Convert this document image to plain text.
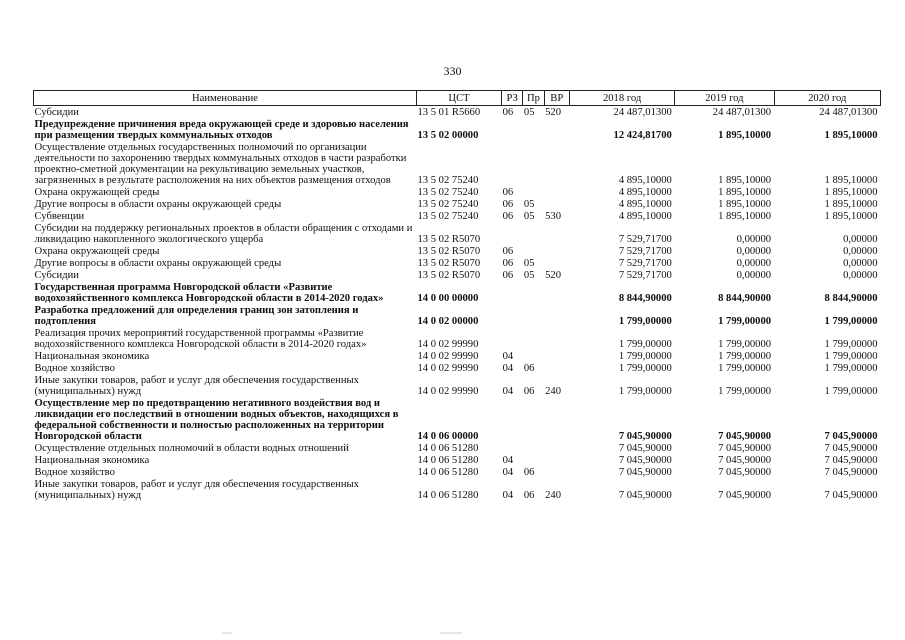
330
Наименование	ЦСТ	РЗ	Пр	ВР	2018 год	2019 год	2020 год
Субсидии	13 5 01 R5660	06	05	520	24 487,01300	24 487,01300	24 487,01300
Предупреждение причинения вреда окружающей среде и здоровью населения при размещении твердых коммунальных отходов	13 5 02 00000				12 424,81700	1 895,10000	1 895,10000
Осуществление отдельных государственных полномочий по организации деятельности по захоронению твердых коммунальных отходов в части разработки проектно-сметной документации на рекультивацию земельных участков, загрязненных в результате расположения на них объектов размещения отходов	13 5 02 75240				4 895,10000	1 895,10000	1 895,10000
Охрана окружающей среды	13 5 02 75240	06			4 895,10000	1 895,10000	1 895,10000
Другие вопросы в области охраны окружающей среды	13 5 02 75240	06	05		4 895,10000	1 895,10000	1 895,10000
Субвенции	13 5 02 75240	06	05	530	4 895,10000	1 895,10000	1 895,10000
Субсидии на поддержку региональных проектов в области обращения с отходами и ликвидацию накопленного экологического ущерба	13 5 02 R5070				7 529,71700	0,00000	0,00000
Охрана окружающей среды	13 5 02 R5070	06			7 529,71700	0,00000	0,00000
Другие вопросы в области охраны окружающей среды	13 5 02 R5070	06	05		7 529,71700	0,00000	0,00000
Субсидии	13 5 02 R5070	06	05	520	7 529,71700	0,00000	0,00000
Государственная программа Новгородской области «Развитие водохозяйственного комплекса Новгородской области в 2014-2020 годах»	14 0 00 00000				8 844,90000	8 844,90000	8 844,90000
Разработка предложений для определения границ зон затопления и подтопления	14 0 02 00000				1 799,00000	1 799,00000	1 799,00000
Реализация прочих мероприятий государственной программы «Развитие водохозяйственного комплекса Новгородской области в 2014-2020 годах»	14 0 02 99990				1 799,00000	1 799,00000	1 799,00000
Национальная экономика	14 0 02 99990	04			1 799,00000	1 799,00000	1 799,00000
Водное хозяйство	14 0 02 99990	04	06		1 799,00000	1 799,00000	1 799,00000
Иные закупки товаров, работ и услуг для обеспечения государственных (муниципальных) нужд	14 0 02 99990	04	06	240	1 799,00000	1 799,00000	1 799,00000
Осуществление мер по предотвращению негативного воздействия вод и ликвидации его последствий в отношении водных объектов, находящихся в федеральной собственности и полностью расположенных на территории Новгородской области	14 0 06 00000				7 045,90000	7 045,90000	7 045,90000
Осуществление отдельных полномочий в области водных отношений	14 0 06 51280				7 045,90000	7 045,90000	7 045,90000
Национальная экономика	14 0 06 51280	04			7 045,90000	7 045,90000	7 045,90000
Водное хозяйство	14 0 06 51280	04	06		7 045,90000	7 045,90000	7 045,90000
Иные закупки товаров, работ и услуг для обеспечения государственных (муниципальных) нужд	14 0 06 51280	04	06	240	7 045,90000	7 045,90000	7 045,90000
